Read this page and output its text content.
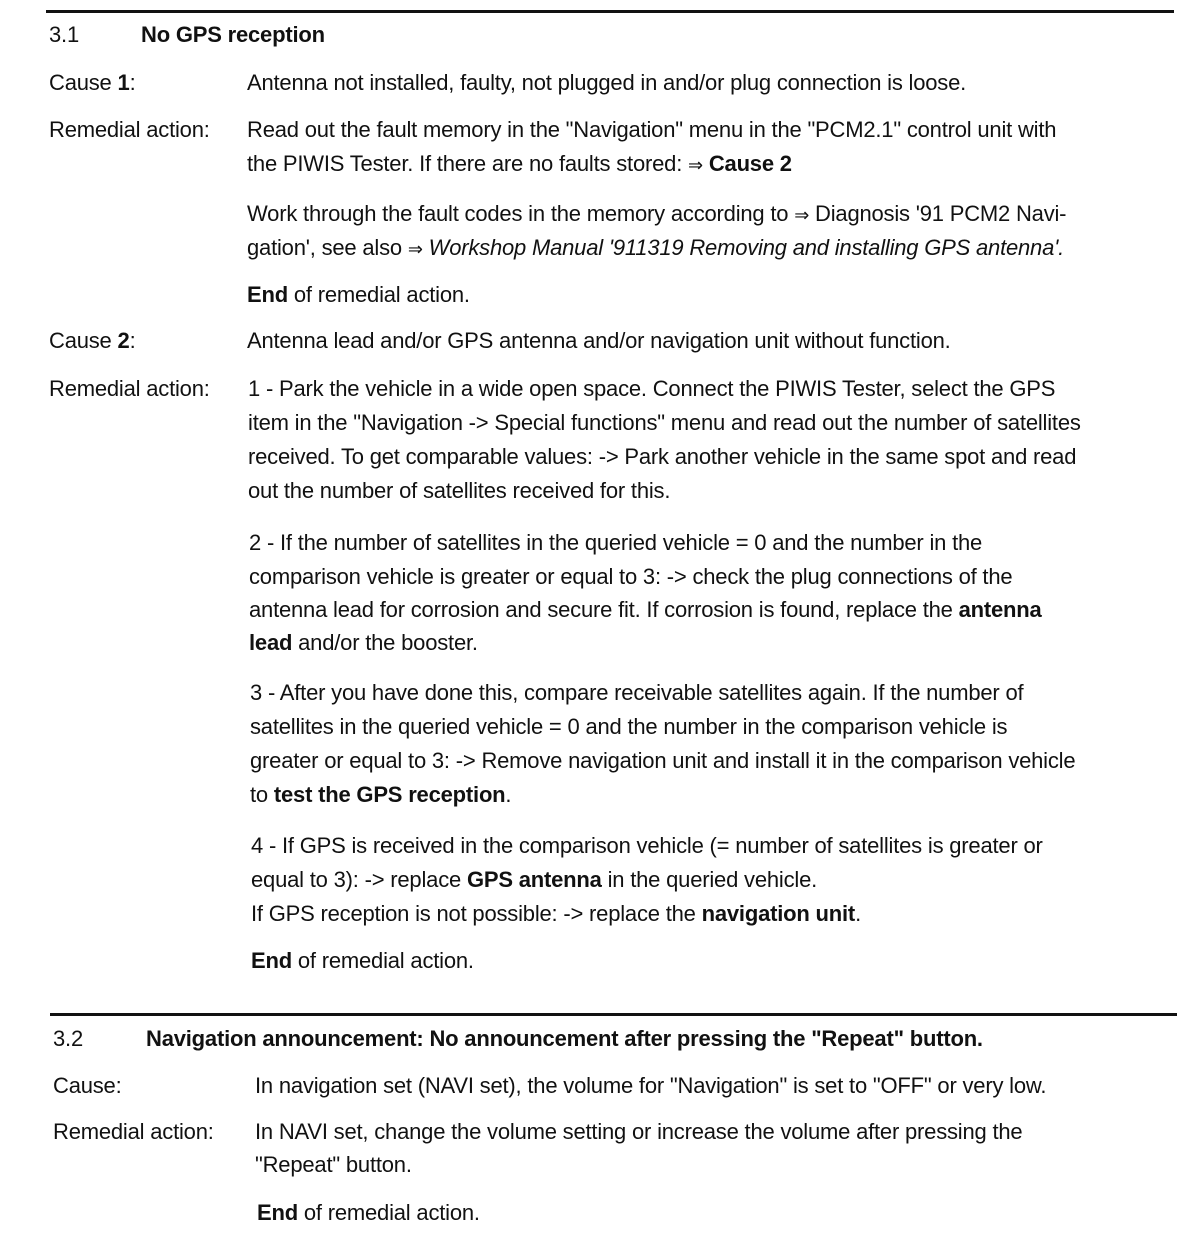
3.1	No GPS reception
Cause 1:	Antenna not installed, faulty, not plugged in and/or plug connection is loose.
Remedial action: Read out the fault memory in the "Navigation" menu in the "PCM2.1" control unit with
the PIWIS Tester. If there are no faults stored: ⇒ Cause 2
Work through the fault codes in the memory according to ⇒ Diagnosis '91 PCM2 Navi-
gation', see also ⇒ Workshop Manual '911319 Removing and installing GPS antenna'.
End of remedial action.
Cause 2:	Antenna lead and/or GPS antenna and/or navigation unit without function.
Remedial action: 1 - Park the vehicle in a wide open space. Connect the PIWIS Tester, select the GPS
item in the "Navigation -> Special functions" menu and read out the number of satellites
received. To get comparable values: -> Park another vehicle in the same spot and read
out the number of satellites received for this.
2 - If the number of satellites in the queried vehicle = 0 and the number in the
comparison vehicle is greater or equal to 3: -> check the plug connections of the
antenna lead for corrosion and secure fit. If corrosion is found, replace the antenna
lead and/or the booster.
3 - After you have done this, compare receivable satellites again. If the number of
satellites in the queried vehicle = 0 and the number in the comparison vehicle is
greater or equal to 3: -> Remove navigation unit and install it in the comparison vehicle
to test the GPS reception.
4 - If GPS is received in the comparison vehicle (= number of satellites is greater or
equal to 3): -> replace GPS antenna in the queried vehicle.
If GPS reception is not possible: -> replace the navigation unit.
End of remedial action.
3.2	Navigation announcement: No announcement after pressing the "Repeat" button.
Cause:	In navigation set (NAVI set), the volume for "Navigation" is set to "OFF" or very low.
Remedial action: In NAVI set, change the volume setting or increase the volume after pressing the
"Repeat" button.
End of remedial action.
